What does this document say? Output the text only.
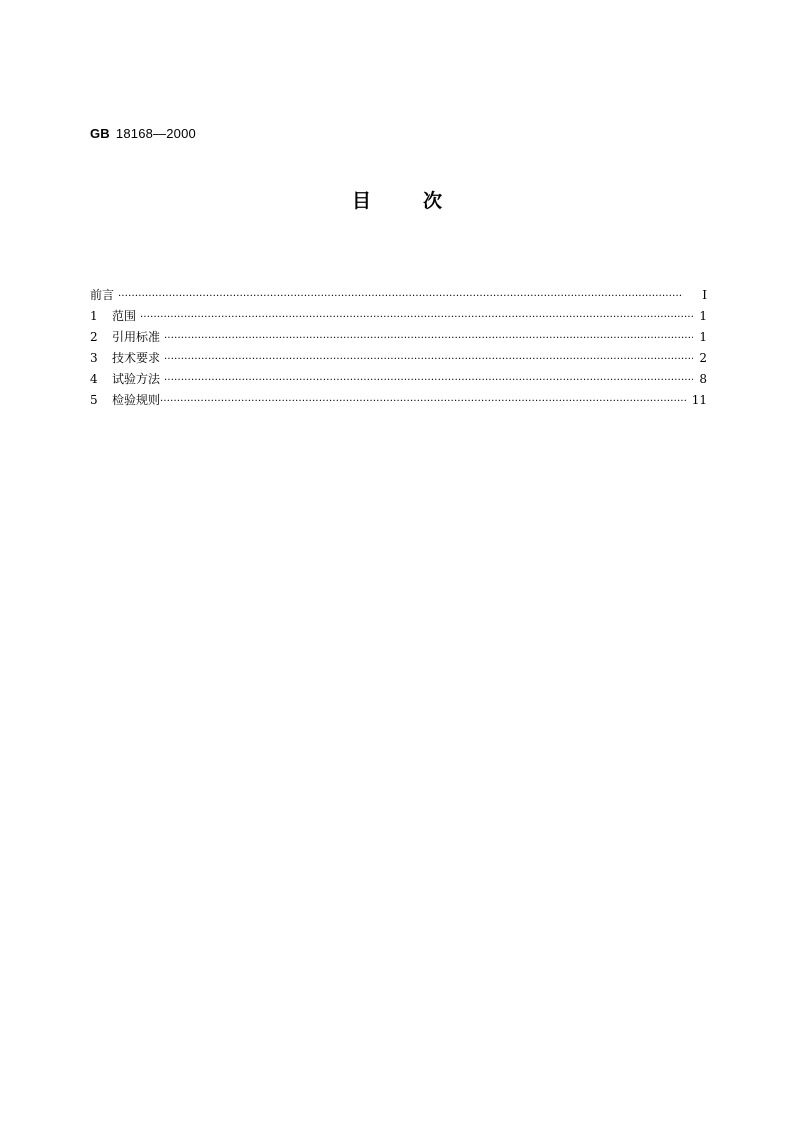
GB 18168—2000
目	次
前言 ·····	I
1	范围 ·····	1
2	引用标准 ·····	1
3	技术要求 ·····	2
4	试验方法 ·····	8
5	检验规则 ·····	11
